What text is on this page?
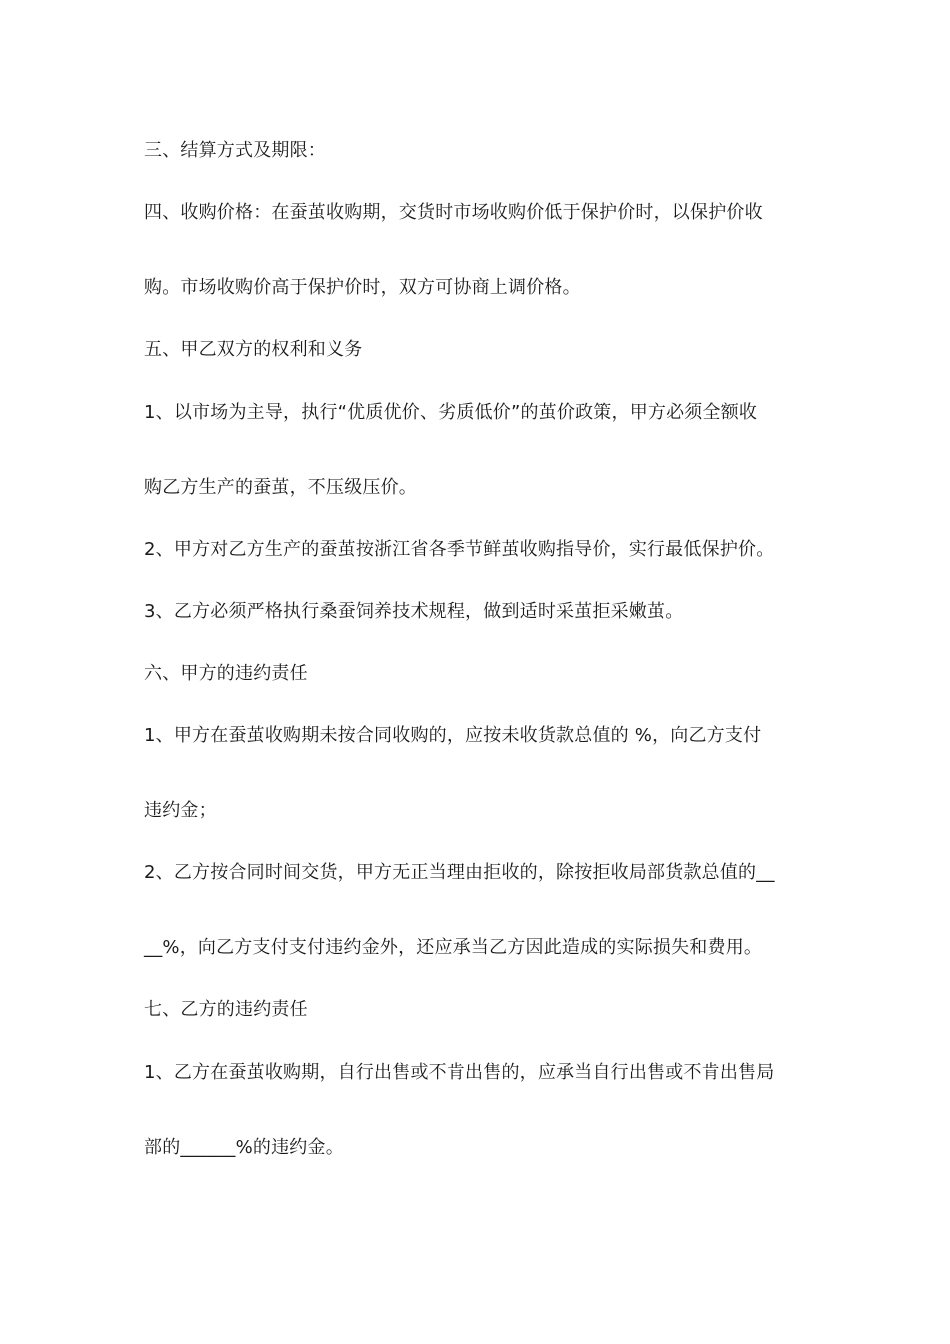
三、结算方式及期限：
四、收购价格：在蚕茧收购期，交货时市场收购价低于保护价时，以保护价收
购。市场收购价高于保护价时，双方可协商上调价格。
五、甲乙双方的权利和义务
1、以市场为主导，执行“优质优价、劣质低价”的茧价政策，甲方必须全额收
购乙方生产的蚕茧，不压级压价。
2、甲方对乙方生产的蚕茧按浙江省各季节鲜茧收购指导价，实行最低保护价。
3、乙方必须严格执行桑蚕饲养技术规程，做到适时采茧拒采嫩茧。
六、甲方的违约责任
1、甲方在蚕茧收购期未按合同收购的，应按未收货款总值的 %，向乙方支付
违约金；
2、乙方按合同时间交货，甲方无正当理由拒收的，除按拒收局部货款总值的__
__%，向乙方支付支付违约金外，还应承当乙方因此造成的实际损失和费用。
七、乙方的违约责任
1、乙方在蚕茧收购期，自行出售或不肯出售的，应承当自行出售或不肯出售局
部的______%的违约金。
